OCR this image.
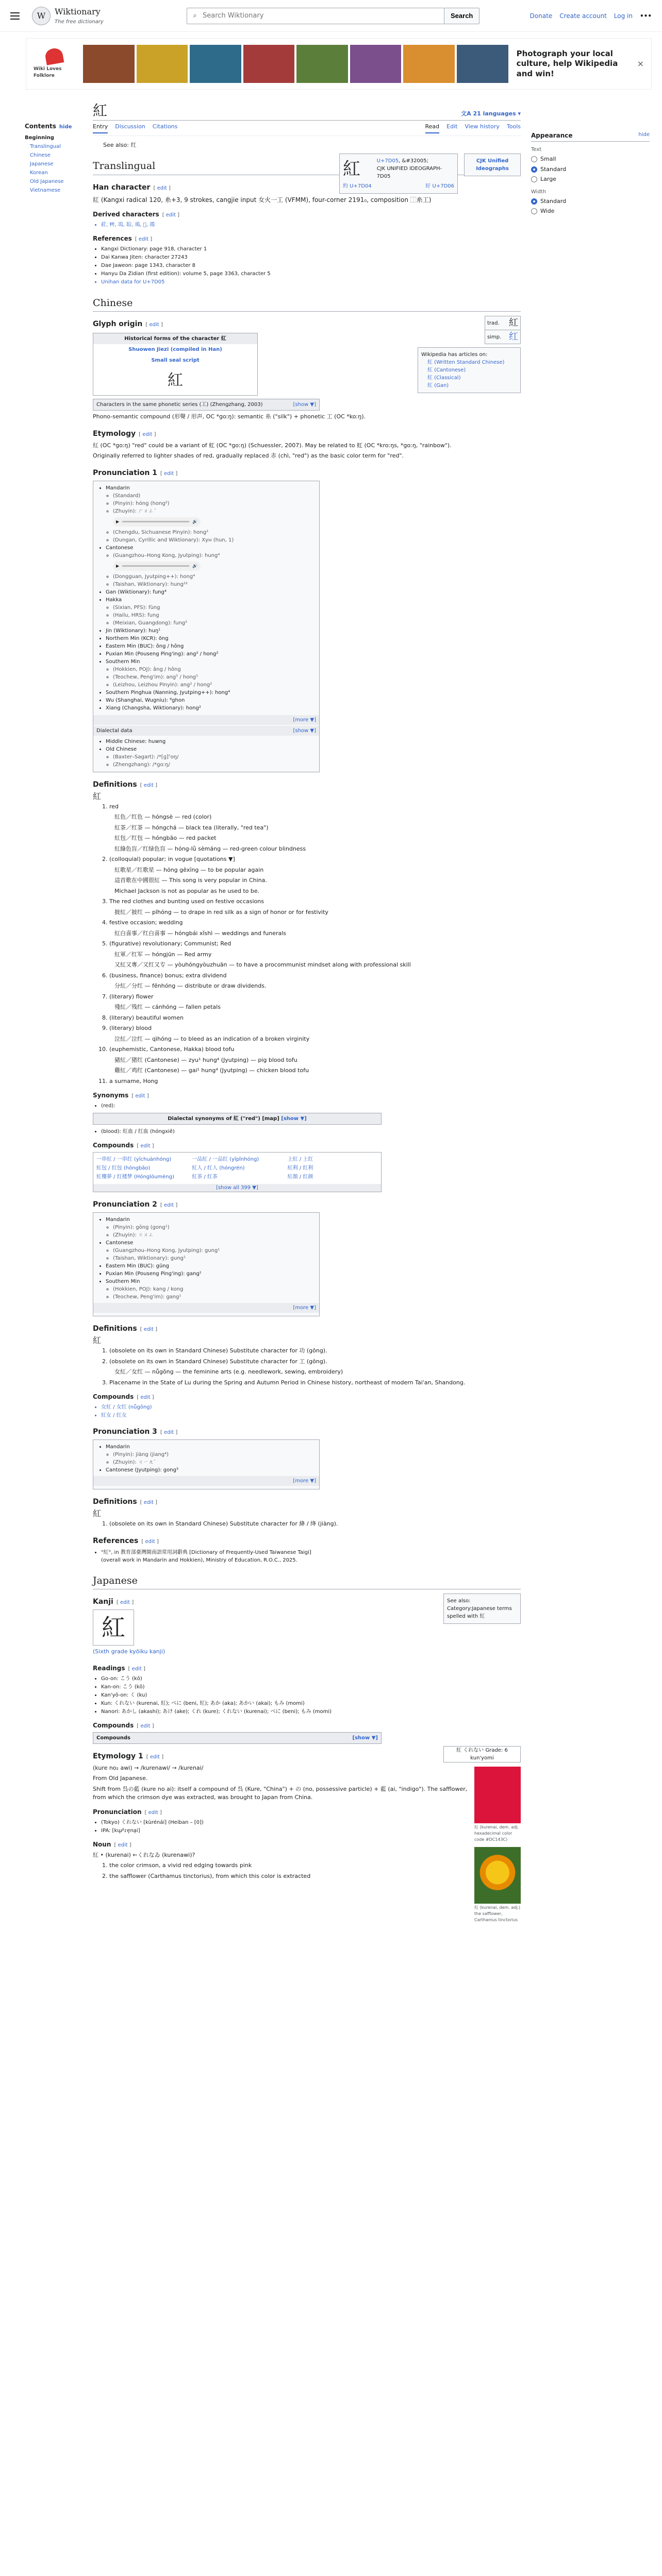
W	Wiktionary
The free dictionary
⌕
Search Wiktionary	Search	Donate Create account Log in •••
Wiki Loves Folklore
Photograph your local culture, help Wikipedia and win!
×
Contents hide
Beginning
Translingual
Chinese
Japanese
Korean
Old Japanese
Vietnamese
紅	文A 21 languages ▾
Entry Discussion Citations	Read Edit View history Tools
See also: 红
CJK Unified Ideographs
紅	U+7D05, &#32005;
CJK UNIFIED IDEOGRAPH-7D05
約 U+7D04	紆 U+7D06
Translingual
Han character [ edit ]

紅 (Kangxi radical 120, 糸+3, 9 strokes, cangjie input 女火一工 (VFMM), four-corner 2191₀, composition ⿰糸工)

Derived characters [ edit ]
• 葒, 𢃍, 䲨, 䛗, 䲪, 𦥓, 鴻
References [ edit ]
• Kangxi Dictionary: page 918, character 1
• Dai Kanwa Jiten: character 27243
• Dae Jaweon: page 1343, character 8
• Hanyu Da Zidian (first edition): volume 5, page 3363, character 5
• Unihan data for U+7D05
Chinese
trad. 紅
simp. 红
Wikipedia has articles on:
紅 (Written Standard Chinese)
紅 (Cantonese)
紅 (Classical)
紅 (Gan)
Glyph origin [ edit ]
Historical forms of the character 紅
Shuowen Jiezi (compiled in Han)
Small seal script
紅
Characters in the same phonetic series (工) (Zhengzhang, 2003)	[show ▼]

Phono-semantic compound (形聲 / 形声, OC *ɡoːŋ): semantic 糸 ("silk") + phonetic 工 (OC *koːŋ).

Etymology [ edit ]

紅 (OC *ɡoːŋ) "red" could be a variant of 虹 (OC *ɡoːŋ) (Schuessler, 2007). May be related to 虹 (OC *kroːŋs, *ɡoːŋ, "rainbow").

Originally referred to lighter shades of red, gradually replaced 赤 (chì, "red") as the basic color term for "red".

Pronunciation 1 [ edit ]
• Mandarin
◦ (Standard)
◦ (Pinyin): hóng (hong²)
◦ (Zhuyin): ㄏㄨㄥˊ
▶	🔊
◦ (Chengdu, Sichuanese Pinyin): hong²
◦ (Dungan, Cyrillic and Wiktionary): Хун (hun, 1)
• Cantonese
◦ (Guangzhou–Hong Kong, Jyutping): hung⁴
▶	🔊
◦ (Dongguan, Jyutping++): hong⁴
◦ (Taishan, Wiktionary): hung²²
• Gan (Wiktionary): fung⁴
• Hakka
◦ (Sixian, PFS): fùng
◦ (Hailu, HRS): fung
◦ (Meixian, Guangdong): fung²
• Jin (Wiktionary): huŋ¹
• Northern Min (KCR): ŏng
• Eastern Min (BUC): ông / hông
• Puxian Min (Pouseng Ping'ing): ang² / hong²
• Southern Min
◦ (Hokkien, POJ): âng / hông
◦ (Teochew, Peng'im): ang⁵ / hong⁵
◦ (Leizhou, Leizhou Pinyin): ang² / hong²
• Southern Pinghua (Nanning, Jyutping++): hong⁴
• Wu (Shanghai, Wugniu): ⁶ghon
• Xiang (Changsha, Wiktionary): hong²
[more ▼]
Dialectal data	[show ▼]
• Middle Chinese: huwng
• Old Chinese
◦ (Baxter–Sagart): /*[ɡ]ˤoŋ/
◦ (Zhengzhang): /*ɡoːŋ/
Definitions [ edit ]
紅
1. red
紅色／红色 — hóngsè — red (color)
紅茶／红茶 — hóngchá — black tea (literally, "red tea")
紅包／红包 — hóngbāo — red packet
紅綠色盲／红绿色盲 — hóng-lǜ sèmáng — red-green colour blindness
2. (colloquial) popular; in vogue [quotations ▼]
紅歌星／红歌星 — hóng gēxīng — to be popular again
這首歌在中國很紅 — This song is very popular in China.
Michael Jackson is not as popular as he used to be.
3. The red clothes and bunting used on festive occasions
披紅／披红 — pīhóng — to drape in red silk as a sign of honor or for festivity
4. festive occasion; wedding
紅白喜事／红白喜事 — hóngbái xǐshì — weddings and funerals
5. (figurative) revolutionary; Communist; Red
紅軍／红军 — hóngjūn — Red army
又紅又專／又红又专 — yòuhóngyòuzhuān — to have a procommunist mindset along with professional skill
6. (business, finance) bonus; extra dividend
分紅／分红 — fēnhóng — distribute or draw dividends.
7. (literary) flower
殘紅／残红 — cánhóng — fallen petals
8. (literary) beautiful women
9. (literary) blood
泣紅／泣红 — qìhóng — to bleed as an indication of a broken virginity
10. (euphemistic, Cantonese, Hakka) blood tofu
豬紅／猪红 (Cantonese) — zyu¹ hung⁴ (Jyutping) — pig blood tofu
雞紅／鸡红 (Cantonese) — gai¹ hung⁴ (Jyutping) — chicken blood tofu
11. a surname, Hong
Synonyms [ edit ]
• (red):
Dialectal synonyms of 紅 ("red") [map] [show ▼]
• (blood): 紅血 / 红血 (hóngxiě)
Compounds [ edit ]
一串紅 / 一串红 (yīchuànhóng)	一品紅 / 一品红 (yīpǐnhóng)	上紅 / 上红
紅包 / 红包 (hóngbāo)	紅人 / 红人 (hóngrén)	紅利 / 红利
紅樓夢 / 红楼梦 (Hónglóumèng)	紅茶 / 红茶	紅顏 / 红颜
[show all 399 ▼]
Pronunciation 2 [ edit ]
• Mandarin
◦ (Pinyin): gōng (gong¹)
◦ (Zhuyin): ㄍㄨㄥ
• Cantonese
◦ (Guangzhou–Hong Kong, Jyutping): gung¹
◦ (Taishan, Wiktionary): gung¹
• Eastern Min (BUC): gŭng
• Puxian Min (Pouseng Ping'ing): gang¹
• Southern Min
◦ (Hokkien, POJ): kang / kong
◦ (Teochew, Peng'im): gang¹
[more ▼]
Definitions [ edit ]
紅
1. (obsolete on its own in Standard Chinese) Substitute character for 功 (gōng).
2. (obsolete on its own in Standard Chinese) Substitute character for 工 (gōng).
女紅／女红 — nǚgōng — the feminine arts (e.g. needlework, sewing, embroidery)
3. Placename in the State of Lu during the Spring and Autumn Period in Chinese history, northeast of modern Tai'an, Shandong.
Compounds [ edit ]
• 女紅 / 女红 (nǚgōng)
• 紅女 / 红女
Pronunciation 3 [ edit ]
• Mandarin
◦ (Pinyin): jiàng (jiang⁴)
◦ (Zhuyin): ㄐㄧㄤˋ
• Cantonese (Jyutping): gong³
[more ▼]
Definitions [ edit ]
紅
1. (obsolete on its own in Standard Chinese) Substitute character for 絳 / 绛 (jiàng).
References [ edit ]
• "紅", in 教育部臺灣閩南語常用詞辭典 [Dictionary of Frequently-Used Taiwanese Taigi]
(overall work in Mandarin and Hokkien), Ministry of Education, R.O.C., 2025.
Japanese
See also: Category:Japanese terms spelled with 紅
Kanji [ edit ]
紅

(Sixth grade kyōiku kanji)

Readings [ edit ]
• Go-on: こう (kō)
• Kan-on: こう (kō)
• Kan'yō-on: く (ku)
• Kun: くれない (kurenai, 紅); べに (beni, 紅); あか (aka); あかい (akai); もみ (momi)
• Nanori: あかし (akashi); あけ (ake); くれ (kure); くれない (kurenai); べに (beni); もみ (momi)
Compounds [ edit ]
Compounds	[show ▼]
紅 くれない Grade: 6 kun'yomi
紅 (kurenai, dem. adj. hexadecimal color code #DC143C)
紅 (kurenai, dem. adj.) the safflower, Carthamus tinctorius
Etymology 1 [ edit ]

(kure no₂ awi) → /kurenawi/ → /kurenai/

From Old Japanese.

Shift from 呉の藍 (kure no ai): itself a compound of 呉 (Kure, "China") + の (no, possessive particle) + 藍 (ai, "indigo"). The safflower, from which the crimson dye was extracted, was brought to Japan from China.

Pronunciation [ edit ]
• (Tokyo) くれない [kùrénáí] (Heiban – [0])
• IPA: [kɯ̟ᵝɾe̞na̠i]
Noun [ edit ]

紅 • (kurenai) ←くれなゐ (kurenawi)?

1. the color crimson, a vivid red edging towards pink
2. the safflower (Carthamus tinctorius), from which this color is extracted
Appearance	hide
Text
Small
Standard
Large
Width
Standard
Wide
